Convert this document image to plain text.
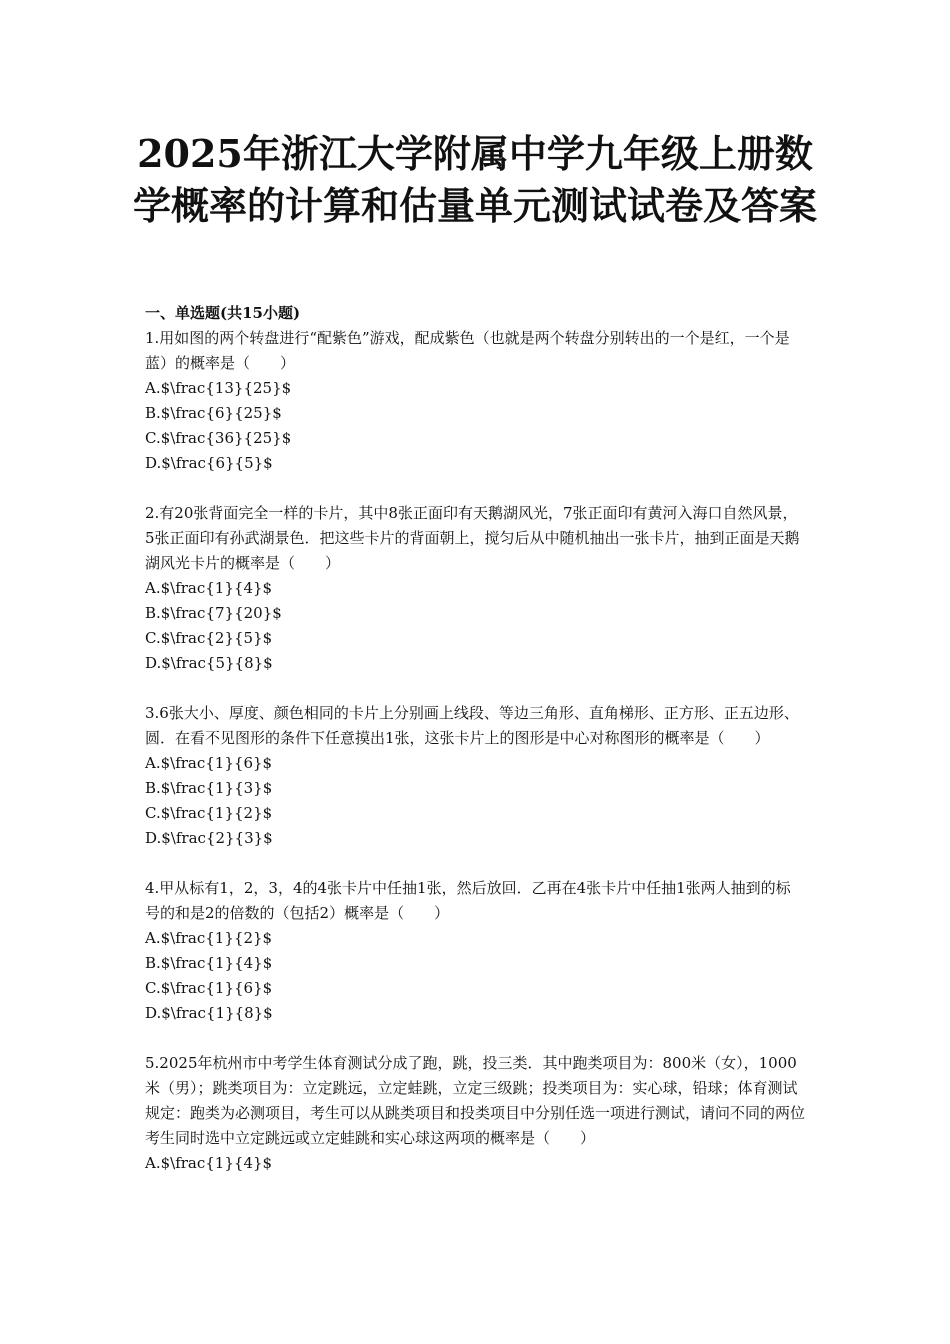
2025年浙江大学附属中学九年级上册数学概率的计算和估量单元测试试卷及答案
一、单选题(共15小题)

1.用如图的两个转盘进行“配紫色”游戏，配成紫色（也就是两个转盘分别转出的一个是红，一个是蓝）的概率是（　　）

A.$\frac{13}{25}$

B.$\frac{6}{25}$

C.$\frac{36}{25}$

D.$\frac{6}{5}$

2.有20张背面完全一样的卡片，其中8张正面印有天鹅湖风光，7张正面印有黄河入海口自然风景，5张正面印有孙武湖景色．把这些卡片的背面朝上，搅匀后从中随机抽出一张卡片，抽到正面是天鹅湖风光卡片的概率是（　　）

A.$\frac{1}{4}$

B.$\frac{7}{20}$

C.$\frac{2}{5}$

D.$\frac{5}{8}$

3.6张大小、厚度、颜色相同的卡片上分别画上线段、等边三角形、直角梯形、正方形、正五边形、圆．在看不见图形的条件下任意摸出1张，这张卡片上的图形是中心对称图形的概率是（　　）

A.$\frac{1}{6}$

B.$\frac{1}{3}$

C.$\frac{1}{2}$

D.$\frac{2}{3}$

4.甲从标有1，2，3，4的4张卡片中任抽1张，然后放回．乙再在4张卡片中任抽1张两人抽到的标号的和是2的倍数的（包括2）概率是（　　）

A.$\frac{1}{2}$

B.$\frac{1}{4}$

C.$\frac{1}{6}$

D.$\frac{1}{8}$

5.2025年杭州市中考学生体育测试分成了跑，跳，投三类．其中跑类项目为：800米（女），1000米（男）；跳类项目为：立定跳远，立定蛙跳，立定三级跳；投类项目为：实心球，铅球；体育测试规定：跑类为必测项目，考生可以从跳类项目和投类项目中分别任选一项进行测试，请问不同的两位考生同时选中立定跳远或立定蛙跳和实心球这两项的概率是（　　）

A.$\frac{1}{4}$
